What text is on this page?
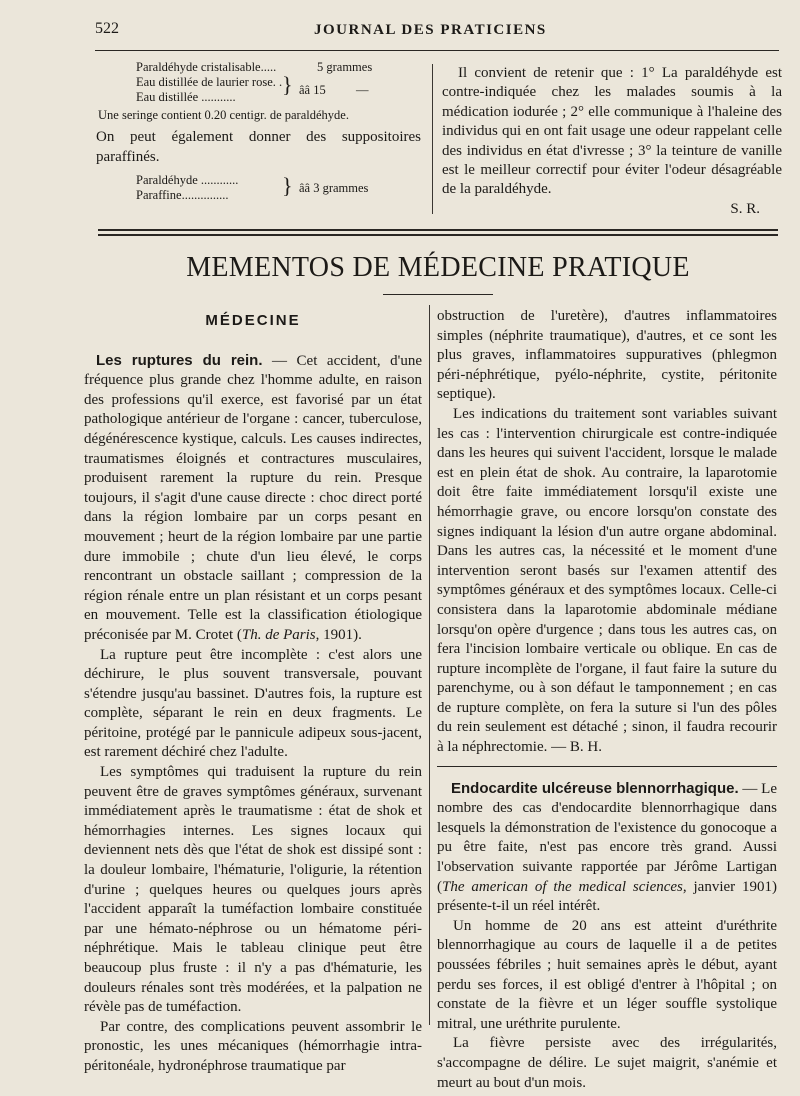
522	JOURNAL DES PRATICIENS
Paraldéhyde cristalisable.....	5 grammes
Eau distillée de laurier rose. .
Eau distillée ...........	} ââ 15 —
Une seringe contient 0.20 centigr. de paraldéhyde.
On peut également donner des suppositoires paraffinés.
Paraldéhyde ............
Paraffine...............	} ââ 3 grammes
Il convient de retenir que : 1° La paraldéhyde est contre-indiquée chez les malades soumis à la médication iodurée ; 2° elle communique à l'haleine des individus qui en ont fait usage une odeur rappelant celle des individus en état d'ivresse ; 3° la teinture de vanille est le meilleur correctif pour éviter l'odeur désagréable de la paraldéhyde.
S. R.
MEMENTOS DE MÉDECINE PRATIQUE
MÉDECINE

Les ruptures du rein. — Cet accident, d'une fréquence plus grande chez l'homme adulte, en raison des professions qu'il exerce, est favorisé par un état pathologique antérieur de l'organe : cancer, tuberculose, dégénérescence kystique, calculs. Les causes indirectes, traumatismes éloignés et contractures musculaires, produisent rarement la rupture du rein. Presque toujours, il s'agit d'une cause directe : choc direct porté dans la région lombaire par un corps pesant en mouvement ; heurt de la région lombaire par une partie dure immobile ; chute d'un lieu élevé, le corps rencontrant un obstacle saillant ; compression de la région rénale entre un plan résistant et un corps pesant en mouvement. Telle est la classification étiologique préconisée par M. Crotet (Th. de Paris, 1901).

La rupture peut être incomplète : c'est alors une déchirure, le plus souvent transversale, pouvant s'étendre jusqu'au bassinet. D'autres fois, la rupture est complète, séparant le rein en deux fragments. Le péritoine, protégé par le pannicule adipeux sous-jacent, est rarement déchiré chez l'adulte.

Les symptômes qui traduisent la rupture du rein peuvent être de graves symptômes généraux, survenant immédiatement après le traumatisme : état de shok et hémorrhagies internes. Les signes locaux qui deviennent nets dès que l'état de shok est dissipé sont : la douleur lombaire, l'hématurie, l'oligurie, la rétention d'urine ; quelques heures ou quelques jours après l'accident apparaît la tuméfaction lombaire constituée par une hémato-néphrose ou un hématome péri-néphrétique. Mais le tableau clinique peut être beaucoup plus fruste : il n'y a pas d'hématurie, les douleurs rénales sont très modérées, et la palpation ne révèle pas de tuméfaction.

Par contre, des complications peuvent assombrir le pronostic, les unes mécaniques (hémorrhagie intra-péritonéale, hydronéphrose traumatique par

obstruction de l'uretère), d'autres inflammatoires simples (néphrite traumatique), d'autres, et ce sont les plus graves, inflammatoires suppuratives (phlegmon péri-néphrétique, pyélo-néphrite, cystite, péritonite septique).

Les indications du traitement sont variables suivant les cas : l'intervention chirurgicale est contre-indiquée dans les heures qui suivent l'accident, lorsque le malade est en plein état de shok. Au contraire, la laparotomie doit être faite immédiatement lorsqu'il existe une hémorrhagie grave, ou encore lorsqu'on constate des signes indiquant la lésion d'un autre organe abdominal. Dans les autres cas, la nécessité et le moment d'une intervention seront basés sur l'examen attentif des symptômes généraux et des symptômes locaux. Celle-ci consistera dans la laparotomie abdominale médiane lorsqu'on opère d'urgence ; dans tous les autres cas, on fera l'incision lombaire verticale ou oblique. En cas de rupture incomplète de l'organe, il faut faire la suture du parenchyme, ou à son défaut le tamponnement ; en cas de rupture complète, on fera la suture si l'un des pôles du rein seulement est détaché ; sinon, il faudra recourir à la néphrectomie. — B. H.

Endocardite ulcéreuse blennorrhagique. — Le nombre des cas d'endocardite blennorrhagique dans lesquels la démonstration de l'existence du gonocoque a pu être faite, n'est pas encore très grand. Aussi l'observation suivante rapportée par Jérôme Lartigan (The american of the medical sciences, janvier 1901) présente-t-il un réel intérêt.

Un homme de 20 ans est atteint d'uréthrite blennorrhagique au cours de laquelle il a de petites poussées fébriles ; huit semaines après le début, ayant perdu ses forces, il est obligé d'entrer à l'hôpital ; on constate de la fièvre et un léger souffle systolique mitral, une uréthrite purulente.

La fièvre persiste avec des irrégularités, s'accompagne de délire. Le sujet maigrit, s'anémie et meurt au bout d'un mois.
